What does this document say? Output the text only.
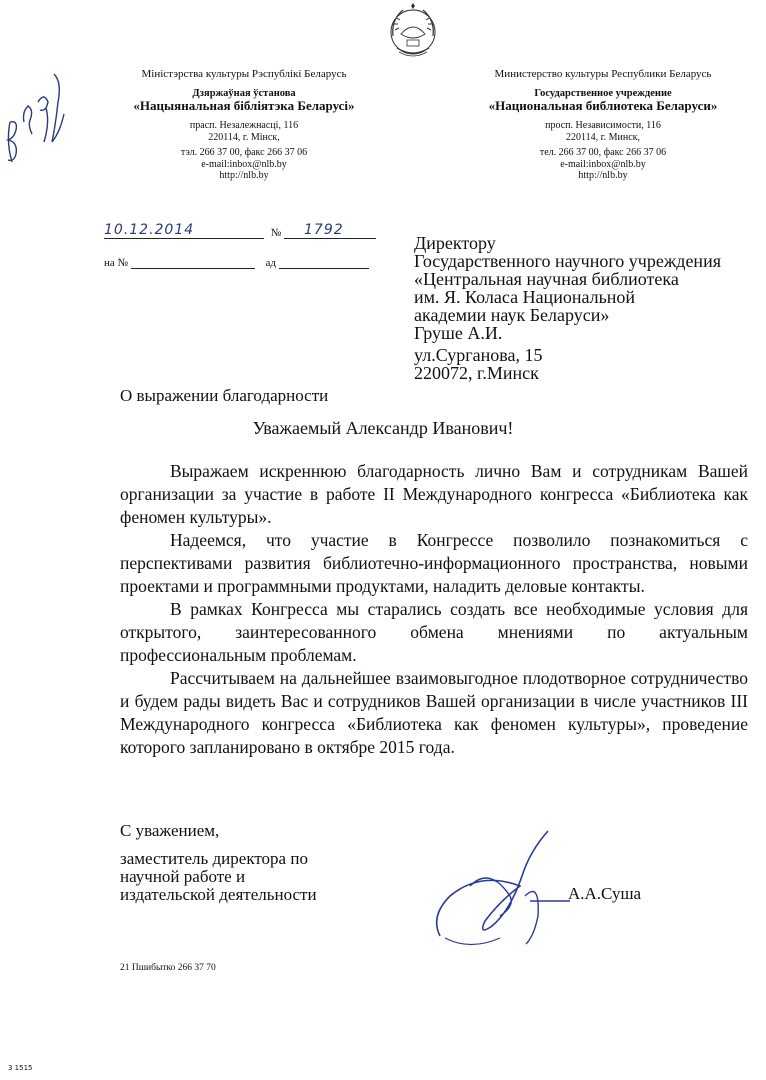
Міністэрства культуры Рэспублікі Беларусь
Дзяржаўная ўстанова
«Нацыянальная бібліятэка Беларусі»
прасп. Незалежнасці, 116
220114, г. Мінск,
тэл. 266 37 00, факс 266 37 06
e-mail:inbox@nlb.by
http://nlb.by
Министерство культуры Республики Беларусь
Государственное учреждение
«Национальная библиотека Беларуси»
просп. Независимости, 116
220114, г. Минск,
тел. 266 37 00, факс 266 37 06
e-mail:inbox@nlb.by
http://nlb.by
10.12.2014	№ 1792
на №	ад
Директору
Государственного научного учреждения
«Центральная научная библиотека
им. Я. Коласа Национальной
академии наук Беларуси»
Груше А.И.
ул.Сурганова, 15
220072, г.Минск
О выражении благодарности
Уважаемый Александр Иванович!

Выражаем искреннюю благодарность лично Вам и сотрудникам Вашей организации за участие в работе II Международного конгресса «Библиотека как феномен культуры».

Надеемся, что участие в Конгрессе позволило познакомиться с перспективами развития библиотечно-информационного пространства, новыми проектами и программными продуктами, наладить деловые контакты.

В рамках Конгресса мы старались создать все необходимые условия для открытого, заинтересованного обмена мнениями по актуальным профессиональным проблемам.

Рассчитываем на дальнейшее взаимовыгодное плодотворное сотрудничество и будем рады видеть Вас и сотрудников Вашей организации в числе участников III Международного конгресса «Библиотека как феномен культуры», проведение которого запланировано в октябре 2015 года.

С уважением,
заместитель директора по
научной работе и
издательской деятельности	А.А.Суша
21 Пшибытко 266 37 70
3 1515
